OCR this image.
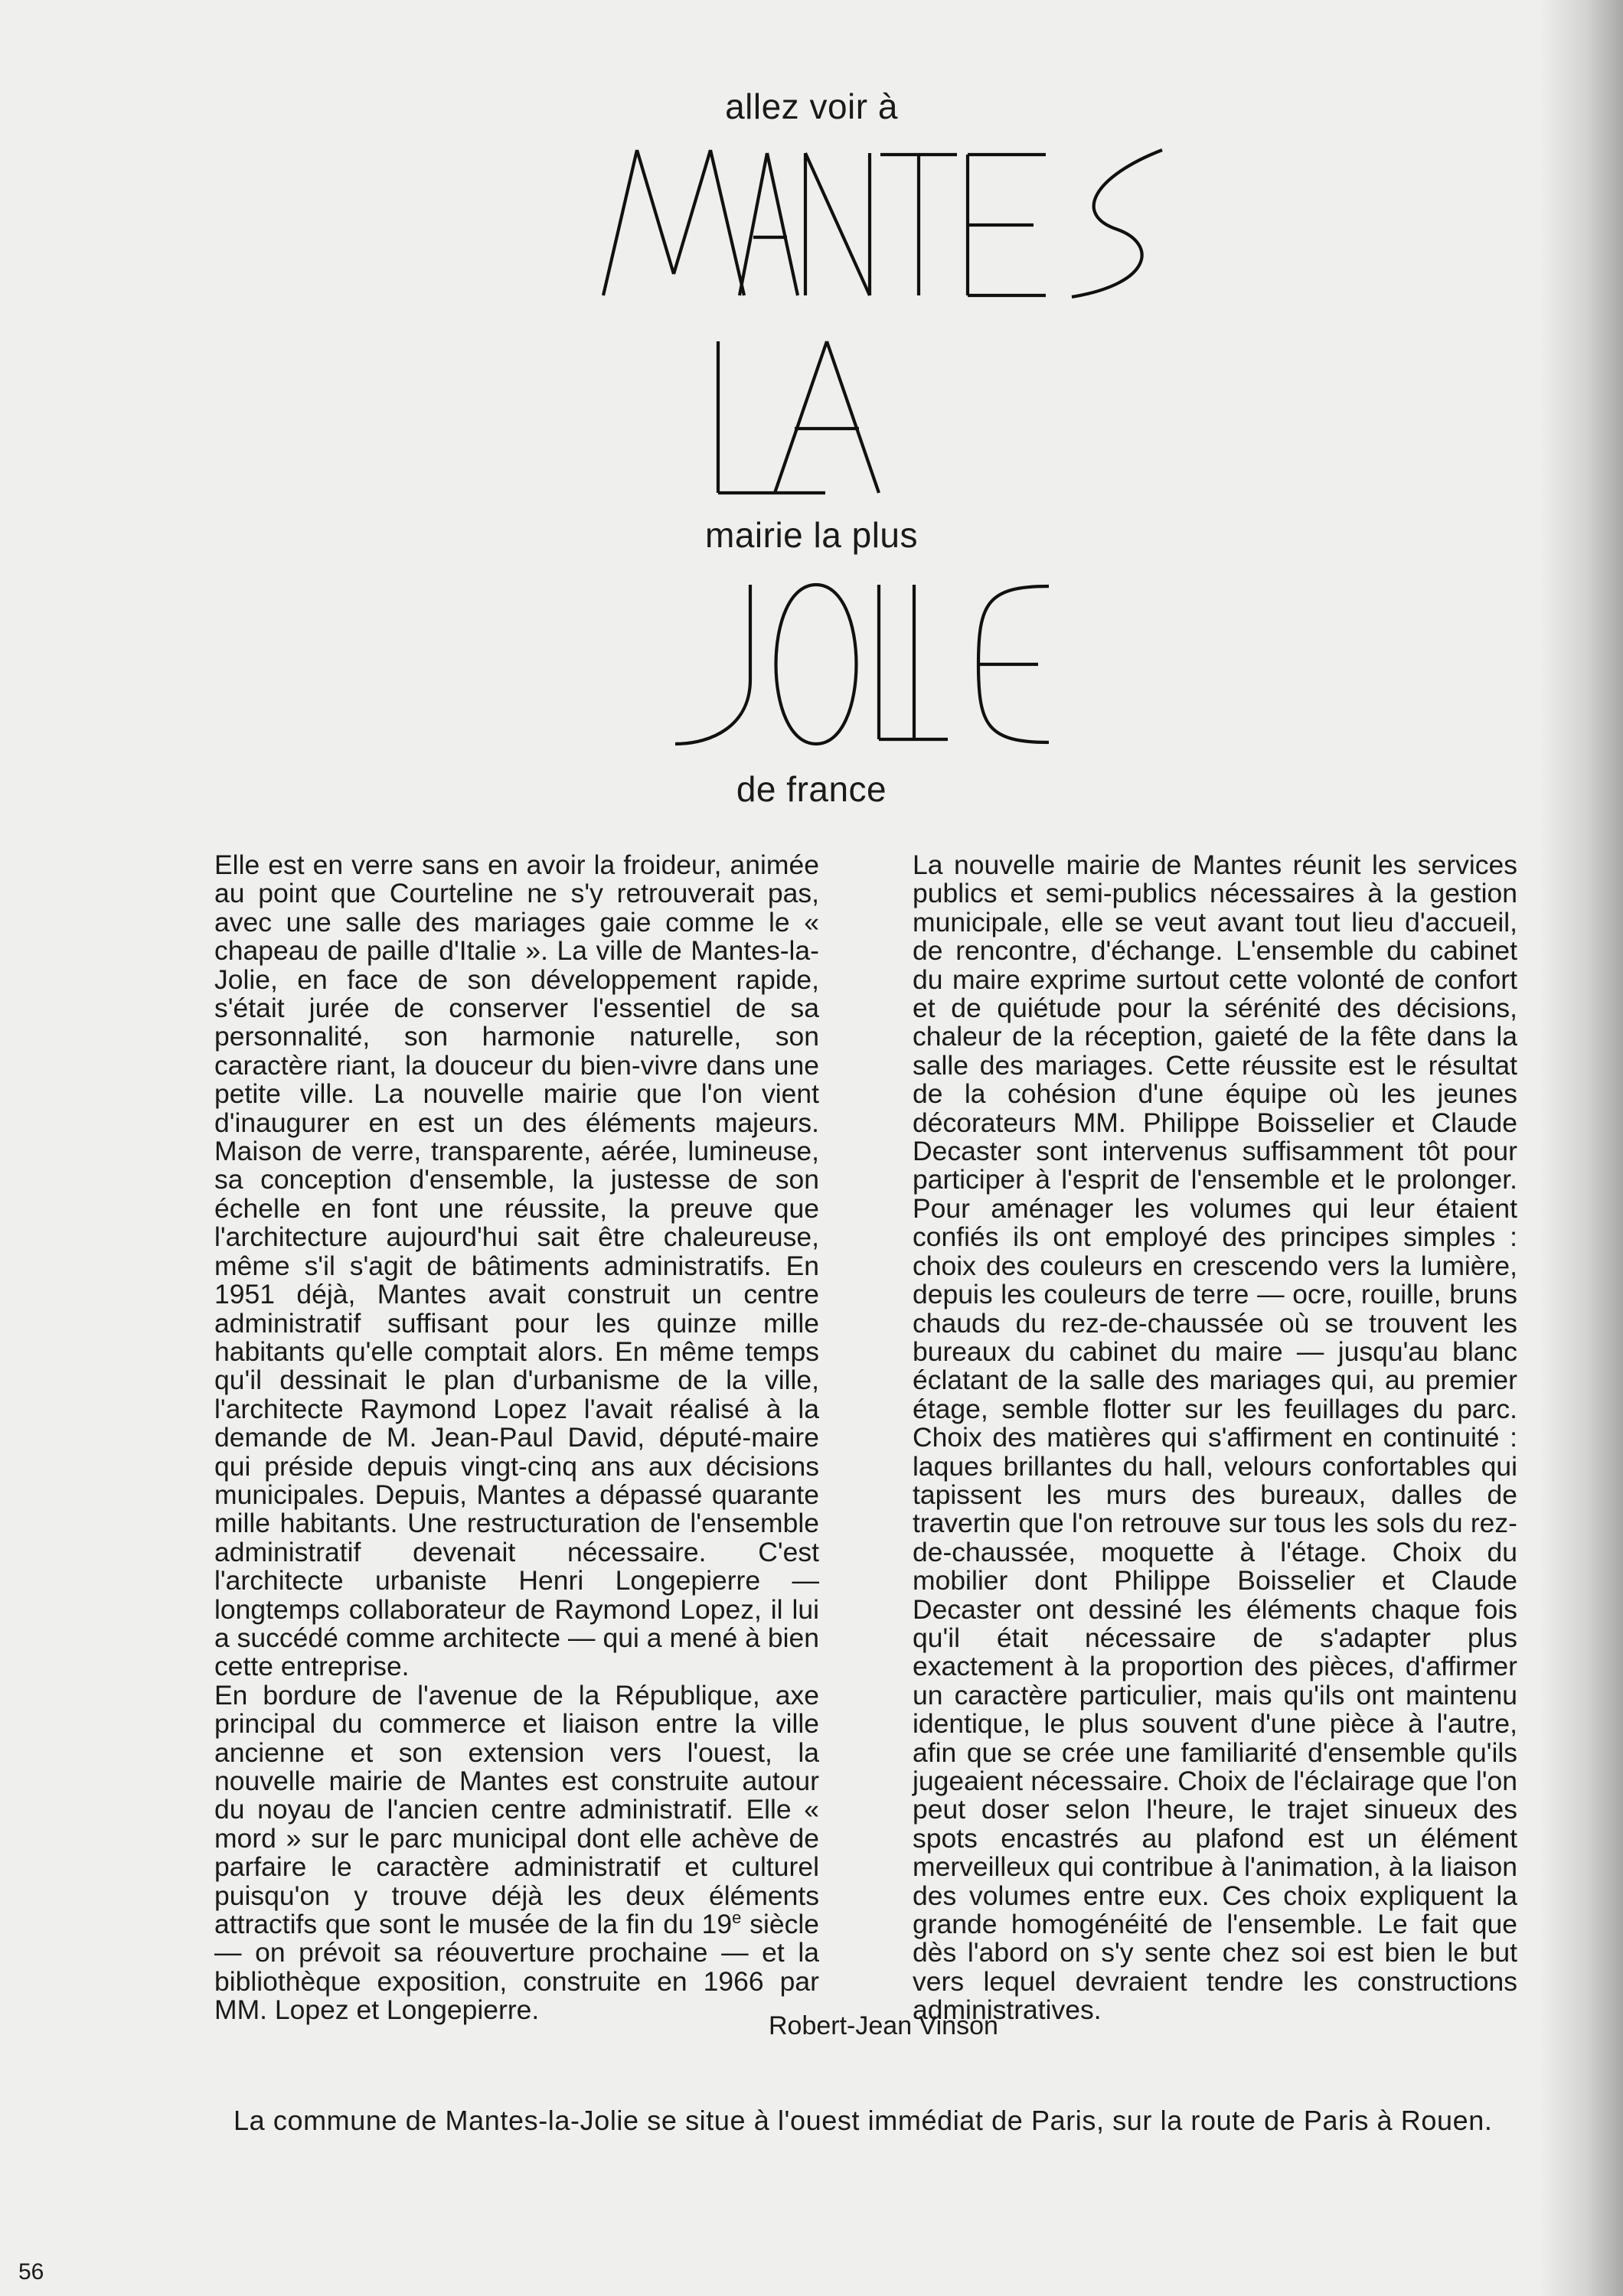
allez voir à
mairie la plus
de france

Elle est en verre sans en avoir la froideur, animée au point que Courteline ne s'y retrouverait pas, avec une salle des mariages gaie comme le « chapeau de paille d'Italie ». La ville de Mantes-la-Jolie, en face de son développement rapide, s'était jurée de conserver l'essentiel de sa personnalité, son harmonie naturelle, son caractère riant, la douceur du bien-vivre dans une petite ville. La nouvelle mairie que l'on vient d'inaugurer en est un des éléments majeurs. Maison de verre, transparente, aérée, lumineuse, sa conception d'ensemble, la justesse de son échelle en font une réussite, la preuve que l'architecture aujourd'hui sait être chaleureuse, même s'il s'agit de bâtiments administratifs. En 1951 déjà, Mantes avait construit un centre administratif suffisant pour les quinze mille habitants qu'elle comptait alors. En même temps qu'il dessinait le plan d'urbanisme de la ville, l'architecte Raymond Lopez l'avait réalisé à la demande de M. Jean-Paul David, député-maire qui préside depuis vingt-cinq ans aux décisions municipales. Depuis, Mantes a dépassé quarante mille habitants. Une restructuration de l'ensemble administratif devenait nécessaire. C'est l'architecte urbaniste Henri Longepierre — longtemps collaborateur de Raymond Lopez, il lui a succédé comme architecte — qui a mené à bien cette entreprise.

En bordure de l'avenue de la République, axe principal du commerce et liaison entre la ville ancienne et son extension vers l'ouest, la nouvelle mairie de Mantes est construite autour du noyau de l'ancien centre administratif. Elle « mord » sur le parc municipal dont elle achève de parfaire le caractère administratif et culturel puisqu'on y trouve déjà les deux éléments attractifs que sont le musée de la fin du 19e siècle — on prévoit sa réouverture prochaine — et la bibliothèque exposition, construite en 1966 par MM. Lopez et Longepierre.

La nouvelle mairie de Mantes réunit les services publics et semi-publics nécessaires à la gestion municipale, elle se veut avant tout lieu d'accueil, de rencontre, d'échange. L'ensemble du cabinet du maire exprime surtout cette volonté de confort et de quiétude pour la sérénité des décisions, chaleur de la réception, gaieté de la fête dans la salle des mariages. Cette réussite est le résultat de la cohésion d'une équipe où les jeunes décorateurs MM. Philippe Boisselier et Claude Decaster sont intervenus suffisamment tôt pour participer à l'esprit de l'ensemble et le prolonger. Pour aménager les volumes qui leur étaient confiés ils ont employé des principes simples : choix des couleurs en crescendo vers la lumière, depuis les couleurs de terre — ocre, rouille, bruns chauds du rez-de-chaussée où se trouvent les bureaux du cabinet du maire — jusqu'au blanc éclatant de la salle des mariages qui, au premier étage, semble flotter sur les feuillages du parc. Choix des matières qui s'affirment en continuité : laques brillantes du hall, velours confortables qui tapissent les murs des bureaux, dalles de travertin que l'on retrouve sur tous les sols du rez-de-chaussée, moquette à l'étage. Choix du mobilier dont Philippe Boisselier et Claude Decaster ont dessiné les éléments chaque fois qu'il était nécessaire de s'adapter plus exactement à la proportion des pièces, d'affirmer un caractère particulier, mais qu'ils ont maintenu identique, le plus souvent d'une pièce à l'autre, afin que se crée une familiarité d'ensemble qu'ils jugeaient nécessaire. Choix de l'éclairage que l'on peut doser selon l'heure, le trajet sinueux des spots encastrés au plafond est un élément merveilleux qui contribue à l'animation, à la liaison des volumes entre eux. Ces choix expliquent la grande homogénéité de l'ensemble. Le fait que dès l'abord on s'y sente chez soi est bien le but vers lequel devraient tendre les constructions administratives.

Robert-Jean Vinson
La commune de Mantes-la-Jolie se situe à l'ouest immédiat de Paris, sur la route de Paris à Rouen.
56
